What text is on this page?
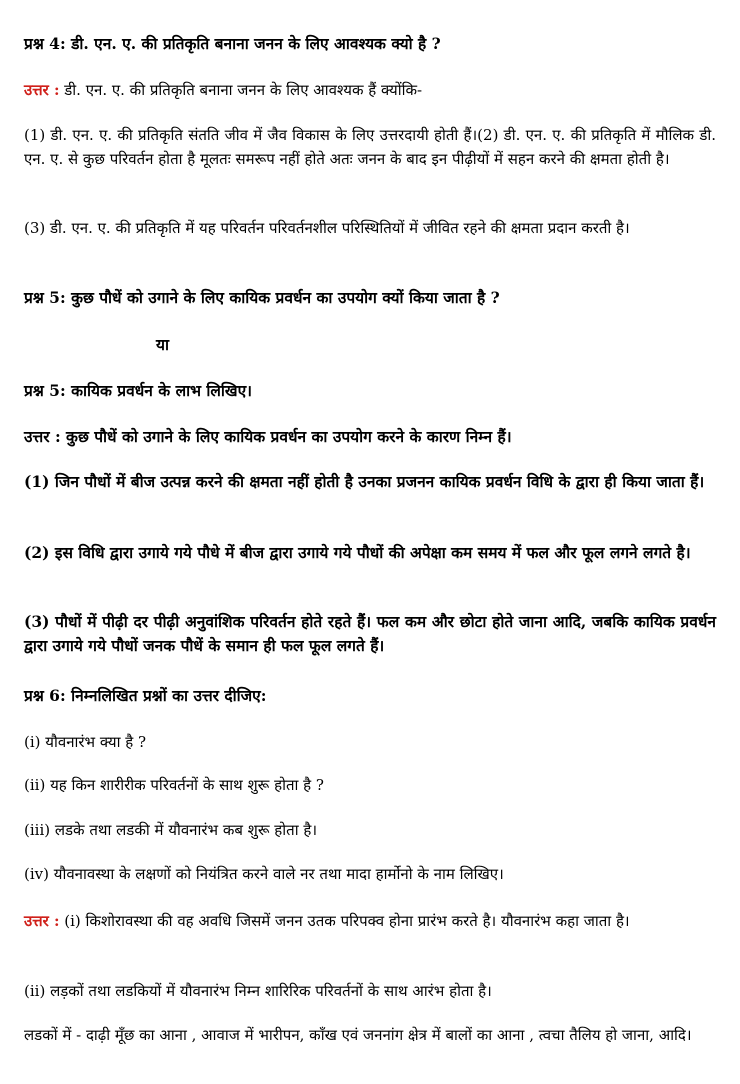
प्रश्न 4: डी. एन. ए. की प्रतिकृति बनाना जनन के लिए आवश्यक क्यो है ?

उत्तर : डी. एन. ए. की प्रतिकृति बनाना जनन के लिए आवश्यक हैं क्योंकि-

(1) डी. एन. ए. की प्रतिकृति संतति जीव में जैव विकास के लिए उत्तरदायी होती हैं।(2) डी. एन. ए. की प्रतिकृति में मौलिक डी. एन. ए. से कुछ परिवर्तन होता है मूलतः समरूप नहीं होते अतः जनन के बाद इन पीढ़ीयों में सहन करने की क्षमता होती है।

(3) डी. एन. ए. की प्रतिकृति में यह परिवर्तन परिवर्तनशील परिस्थितियों में जीवित रहने की क्षमता प्रदान करती है।

प्रश्न 5: कुछ पौधें को उगाने के लिए कायिक प्रवर्धन का उपयोग क्यों किया जाता है ?

या

प्रश्न 5: कायिक प्रवर्धन के लाभ लिखिए।

उत्तर : कुछ पौधें को उगाने के लिए कायिक प्रवर्धन का उपयोग करने के कारण निम्न हैं।

(1) जिन पौधों में बीज उत्पन्न करने की क्षमता नहीं होती है उनका प्रजनन कायिक प्रवर्धन विधि के द्वारा ही किया जाता हैं।

(2) इस विधि द्वारा उगाये गये पौधे में बीज द्वारा उगाये गये पौधों की अपेक्षा कम समय में फल और फूल लगने लगते है।

(3) पौधों में पीढ़ी दर पीढ़ी अनुवांशिक परिवर्तन होते रहते हैं। फल कम और छोटा होते जाना आदि, जबकि कायिक प्रवर्धन द्वारा उगाये गये पौधों जनक पौधें के समान ही फल फूल लगते हैं।

प्रश्न 6: निम्नलिखित प्रश्नों का उत्तर दीजिए:

(i) यौवनारंभ क्या है ?

(ii) यह किन शारीरीक परिवर्तनों के साथ शुरू होता है ?

(iii) लडके तथा लडकी में यौवनारंभ कब शुरू होता है।

(iv) यौवनावस्था के लक्षणों को नियंत्रित करने वाले नर तथा मादा हार्मोनो के नाम लिखिए।

उत्तर : (i) किशोरावस्था की वह अवधि जिसमें जनन उतक परिपक्व होना प्रारंभ करते है। यौवनारंभ कहा जाता है।

(ii) लड़कों तथा लडकियों में यौवनारंभ निम्न शारिरिक परिवर्तनों के साथ आरंभ होता है।

लडकों में - दाढ़ी मूँछ का आना , आवाज में भारीपन, काँख एवं जननांग क्षेत्र में बालों का आना , त्वचा तैलिय हो जाना, आदि।
